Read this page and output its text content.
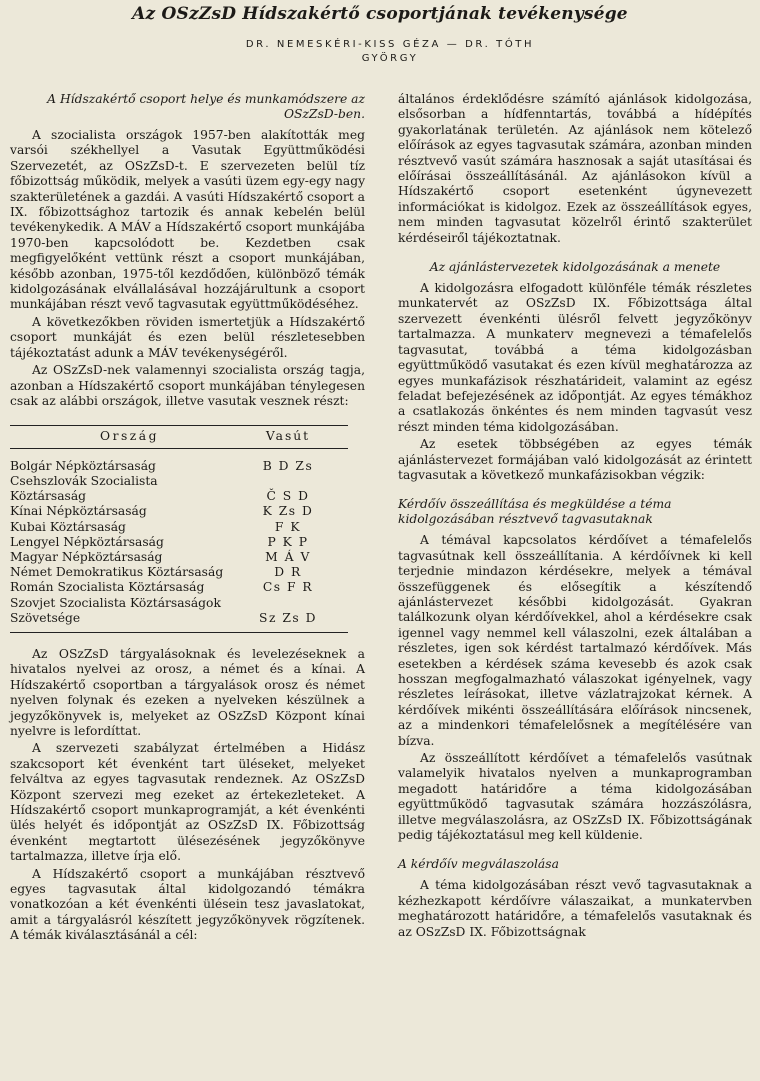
Az OSzZsD Hídszakértő csoportjának tevékenysége
DR. NEMESKÉRI-KISS GÉZA — DR. TÓTH
GYÖRGY
A Hídszakértő csoport helye és munkamódszere az OSzZsD-ben.

A szocialista országok 1957-ben alakították meg varsói székhellyel a Vasutak Együttműködési Szervezetét, az OSzZsD-t. E szervezeten belül tíz főbizottság működik, melyek a vasúti üzem egy-egy nagy szakterületének a gazdái. A vasúti Hídszakértő csoport a IX. főbizottsághoz tartozik és annak kebelén belül tevékenykedik. A MÁV a Hídszakértő csoport munkájába 1970-ben kapcsolódott be. Kezdetben csak megfigyelőként vettünk részt a csoport munkájában, később azonban, 1975-től kezdődően, különböző témák kidolgozásának elvállalásával hozzájárultunk a csoport munkájában részt vevő tagvasutak együttműködéséhez.

A következőkben röviden ismertetjük a Hídszakértő csoport munkáját és ezen belül részletesebben tájékoztatást adunk a MÁV tevékenységéről.

Az OSzZsD-nek valamennyi szocialista ország tagja, azonban a Hídszakértő csoport munkájában ténylegesen csak az alábbi országok, illetve vasutak vesznek részt:

Ország	Vasút
Bolgár Népköztársaság	B D Zs
Csehszlovák Szocialista Köztársaság	Č S D
Kínai Népköztársaság	K Zs D
Kubai Köztársaság	F K
Lengyel Népköztársaság	P K P
Magyar Népköztársaság	M Á V
Német Demokratikus Köztársaság	D R
Román Szocialista Köztársaság	Cs F R
Szovjet Szocialista Köztársaságok Szövetsége	Sz Zs D

Az OSzZsD tárgyalásoknak és levelezéseknek a hivatalos nyelvei az orosz, a német és a kínai. A Hídszakértő csoportban a tárgyalások orosz és német nyelven folynak és ezeken a nyelveken készülnek a jegyzőkönyvek is, melyeket az OSzZsD Központ kínai nyelvre is lefordíttat.

A szervezeti szabályzat értelmében a Hidász szakcsoport két évenként tart üléseket, melyeket felváltva az egyes tagvasutak rendeznek. Az OSzZsD Központ szervezi meg ezeket az értekezleteket. A Hídszakértő csoport munkaprogramját, a két évenkénti ülés helyét és időpontját az OSzZsD IX. Főbizottság évenként megtartott ülésezésének jegyzőkönyve tartalmazza, illetve írja elő.

A Hídszakértő csoport a munkájában résztvevő egyes tagvasutak által kidolgozandó témákra vonatkozóan a két évenkénti ülésein tesz javaslatokat, amit a tárgyalásról készített jegyzőkönyvek rögzítenek. A témák kiválasztásánál a cél:

általános érdeklődésre számító ajánlások kidolgozása, elsősorban a hídfenntartás, továbbá a hídépítés gyakorlatának területén. Az ajánlások nem kötelező előírások az egyes tagvasutak számára, azonban minden résztvevő vasút számára hasznosak a saját utasításai és előírásai összeállításánál. Az ajánlásokon kívül a Hídszakértő csoport esetenként úgynevezett információkat is kidolgoz. Ezek az összeállítások egyes, nem minden tagvasutat közelről érintő szakterület kérdéseiről tájékoztatnak.

Az ajánlástervezetek kidolgozásának a menete

A kidolgozásra elfogadott különféle témák részletes munkatervét az OSzZsD IX. Főbizottsága által szervezett évenkénti ülésről felvett jegyzőkönyv tartalmazza. A munkaterv megnevezi a témafelelős tagvasutat, továbbá a téma kidolgozásban együttműködő vasutakat és ezen kívül meghatározza az egyes munkafázisok részhatárideit, valamint az egész feladat befejezésének az időpontját. Az egyes témákhoz a csatlakozás önkéntes és nem minden tagvasút vesz részt minden téma kidolgozásában.

Az esetek többségében az egyes témák ajánlástervezet formájában való kidolgozását az érintett tagvasutak a következő munkafázisokban végzik:

Kérdőív összeállítása és megküldése a téma kidolgozásában résztvevő tagvasutaknak

A témával kapcsolatos kérdőívet a témafelelős tagvasútnak kell összeállítania. A kérdőívnek ki kell terjednie mindazon kérdésekre, melyek a témával összefüggenek és elősegítik a készítendő ajánlástervezet későbbi kidolgozását. Gyakran találkozunk olyan kérdőívekkel, ahol a kérdésekre csak igennel vagy nemmel kell válaszolni, ezek általában a részletes, igen sok kérdést tartalmazó kérdőívek. Más esetekben a kérdések száma kevesebb és azok csak hosszan megfogalmazható válaszokat igényelnek, vagy részletes leírásokat, illetve vázlatrajzokat kérnek. A kérdőívek mikénti összeállítására előírások nincsenek, az a mindenkori témafelelősnek a megítélésére van bízva.

Az összeállított kérdőívet a témafelelős vasútnak valamelyik hivatalos nyelven a munkaprogramban megadott határidőre a téma kidolgozásában együttműködő tagvasutak számára hozzászólásra, illetve megválaszolásra, az OSzZsD IX. Főbizottságának pedig tájékoztatásul meg kell küldenie.

A kérdőív megválaszolása

A téma kidolgozásában részt vevő tagvasutaknak a kézhezkapott kérdőívre válaszaikat, a munkatervben meghatározott határidőre, a témafelelős vasutaknak és az OSzZsD IX. Főbizottságnak
